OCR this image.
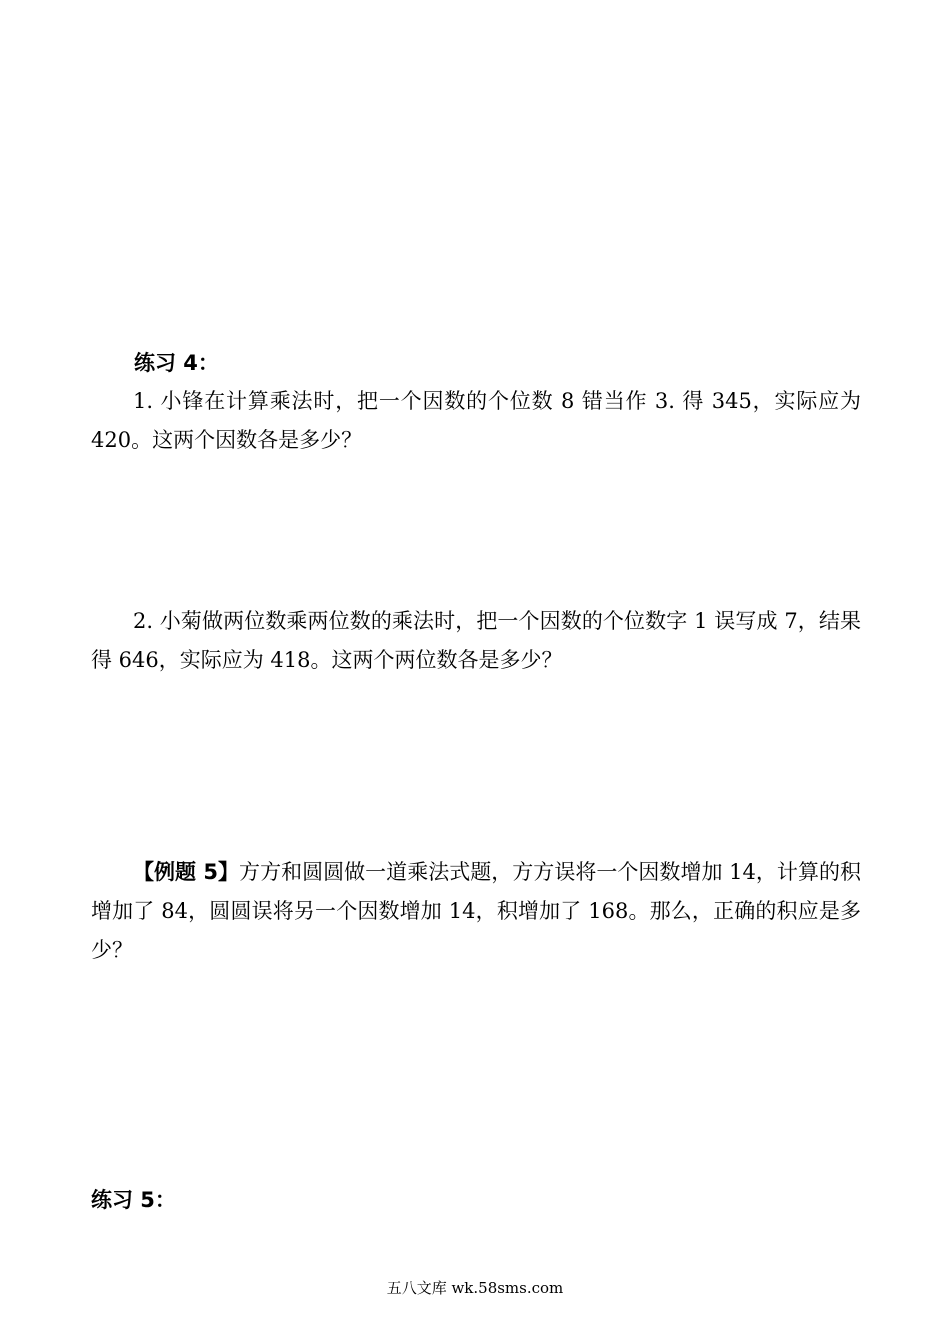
练习 4：
1. 小锋在计算乘法时，把一个因数的个位数 8 错当作 3. 得 345，实际应为 420。这两个因数各是多少？
2. 小菊做两位数乘两位数的乘法时，把一个因数的个位数字 1 误写成 7，结果得 646，实际应为 418。这两个两位数各是多少？
【例题 5】方方和圆圆做一道乘法式题，方方误将一个因数增加 14，计算的积增加了 84，圆圆误将另一个因数增加 14，积增加了 168。那么，正确的积应是多少？
练习 5：
五八文库 wk.58sms.com
